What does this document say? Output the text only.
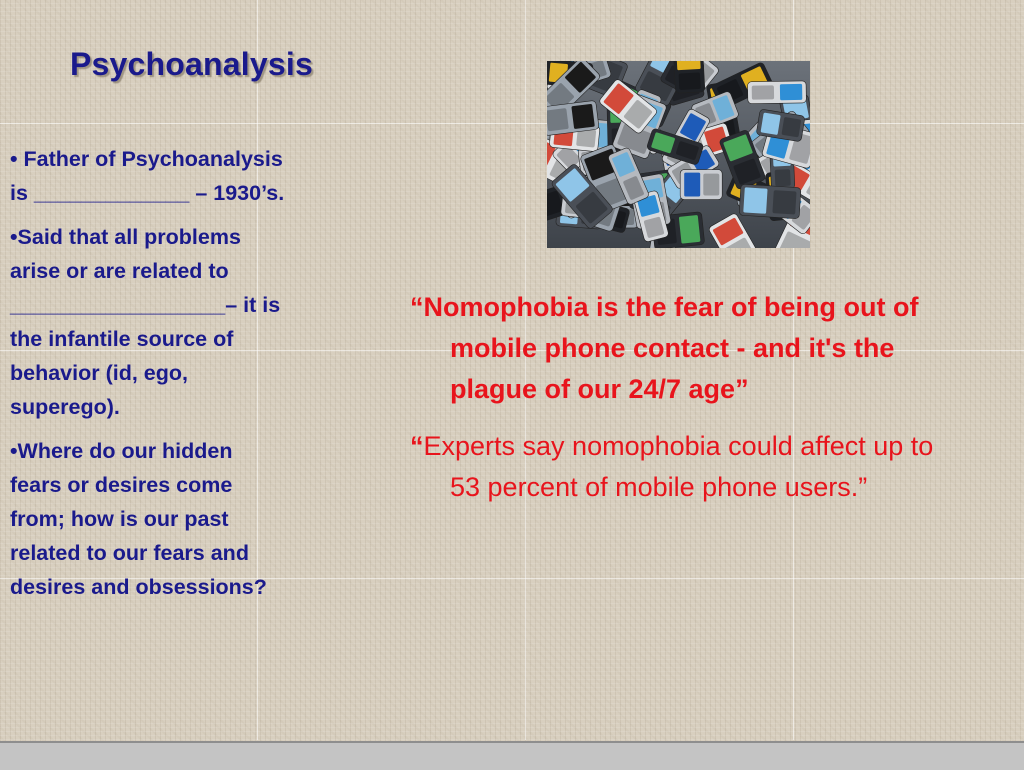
Psychoanalysis

• Father of Psychoanalysis
is _____________ – 1930’s.

•Said that all problems
arise or are related to
__________________– it is
the infantile source of
behavior (id, ego,
superego).

•Where do our hidden
fears or desires come
from; how is our past
related to our fears and
desires and obsessions?

“Nomophobia is the fear of being out of mobile phone contact - and it's the plague of our 24/7 age”

“Experts say nomophobia could affect up to 53 percent of mobile phone users.”
